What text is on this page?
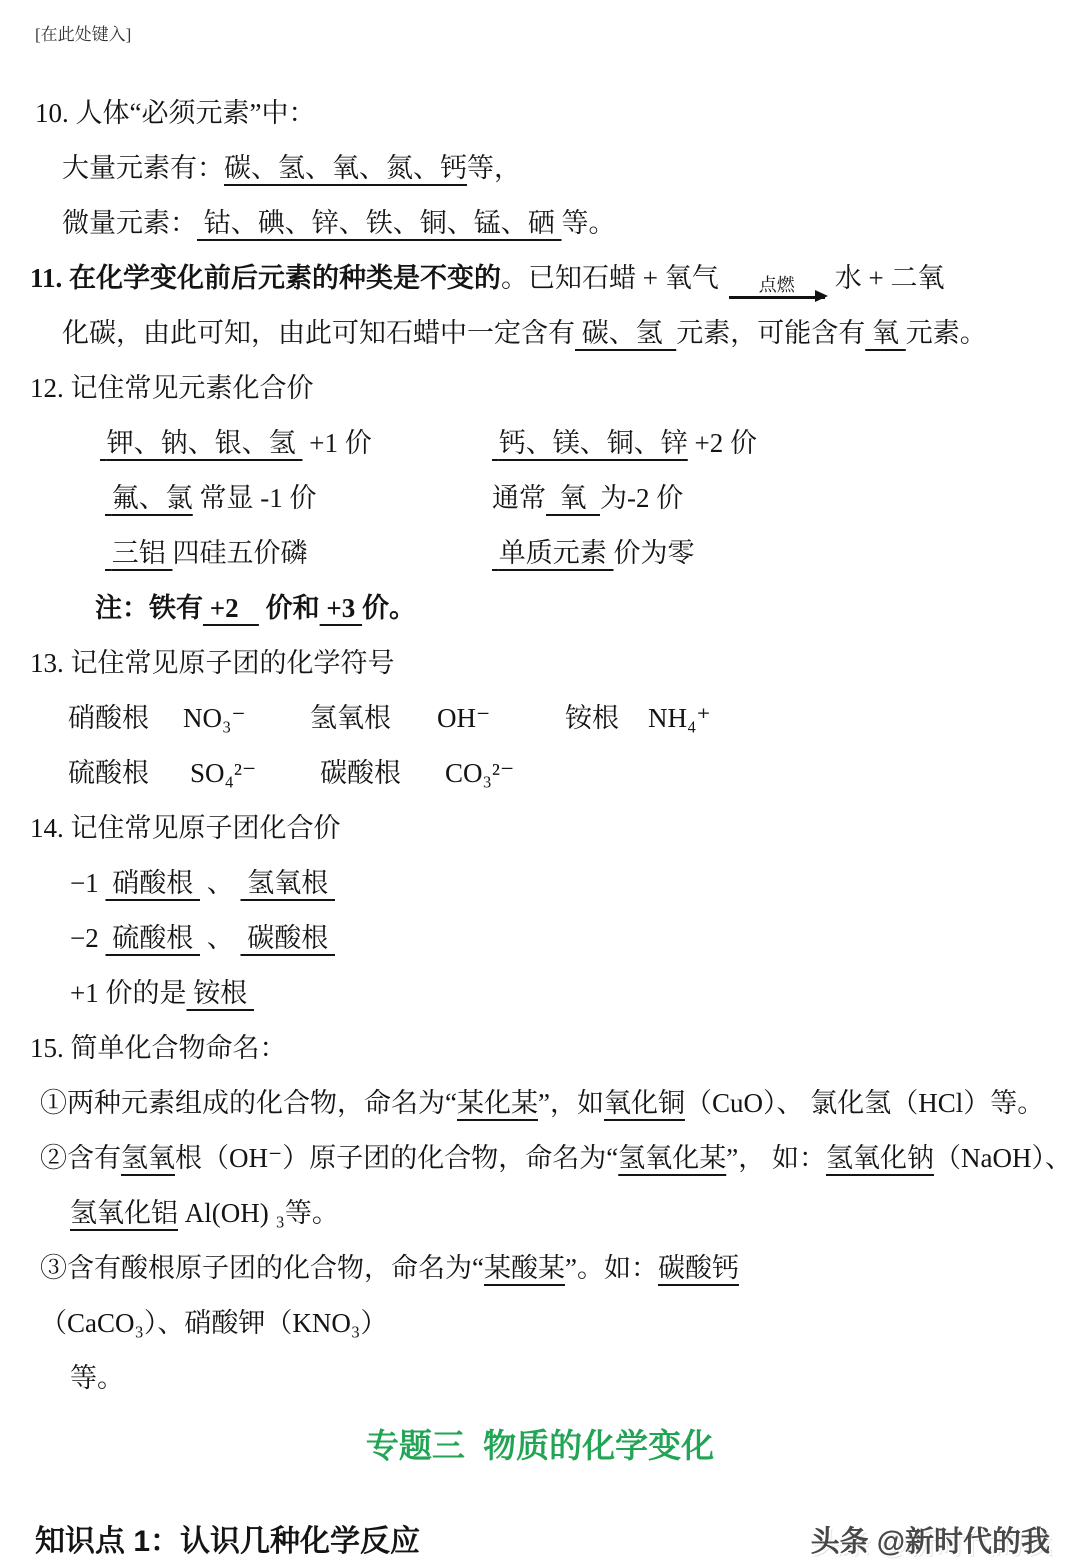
[在此处键入]
10. 人体“必须元素”中：
大量元素有：碳、氢、氧、氮、钙等，
微量元素： 钴、碘、锌、铁、铜、锰、硒 等。
11. 在化学变化前后元素的种类是不变的。已知石蜡 + 氧气 点燃 水 + 二氧
化碳，由此可知，由此可知石蜡中一定含有 碳、氢  元素，可能含有 氧 元素。
12. 记住常见元素化合价
钾、钠、银、氢  +1 价	钙、镁、铜、锌 +2 价
氟、氯 常显 -1 价	通常  氧  为-2 价
三铝 四硅五价磷	单质元素 价为零
注：铁有 +2    价和 +3 价。
13. 记住常见原子团的化学符号
硝酸根	NO₃⁻	氢氧根	OH⁻	铵根	NH₄⁺
硫酸根	SO₄²⁻	碳酸根	CO₃²⁻
14. 记住常见原子团化合价
−1  硝酸根  、  氢氧根
−2  硫酸根  、  碳酸根
+1 价的是 铵根
15. 简单化合物命名：
①两种元素组成的化合物，命名为“某化某”，如氧化铜（CuO）、 氯化氢（HCl）等。
②含有氢氧根（OH⁻）原子团的化合物，命名为“氢氧化某”， 如：氢氧化钠（NaOH）、
氢氧化铝 Al(OH) ₃等。
③含有酸根原子团的化合物，命名为“某酸某”。如：碳酸钙（CaCO₃）、硝酸钾（KNO₃）
等。
专题三  物质的化学变化
知识点 1：认识几种化学反应	头条 @新时代的我
